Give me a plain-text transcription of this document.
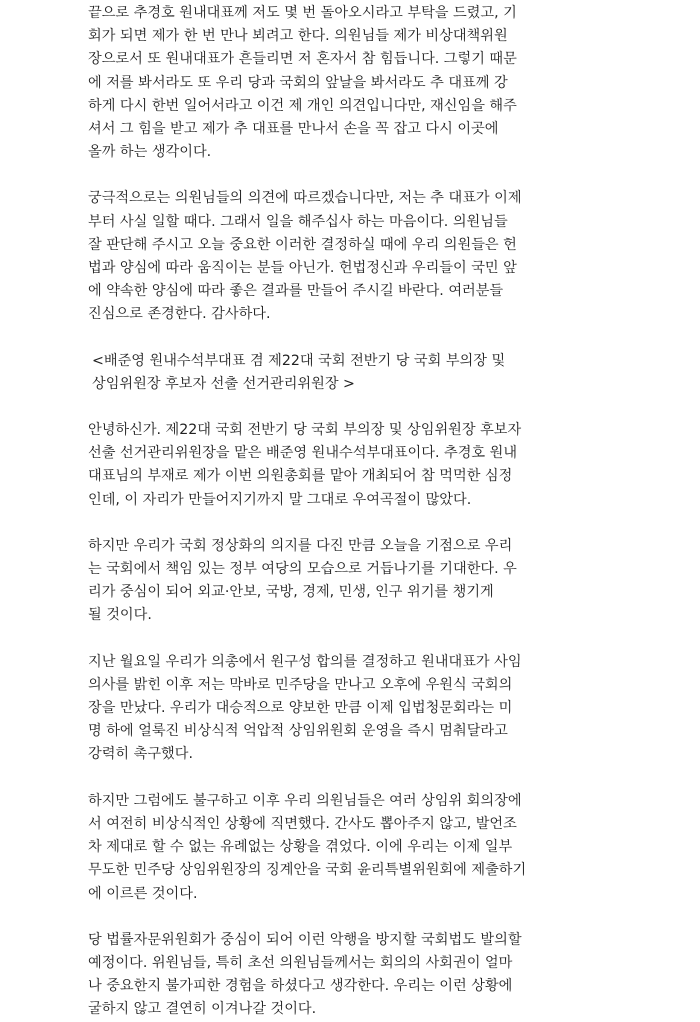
끝으로 추경호 원내대표께 저도 몇 번 돌아오시라고 부탁을 드렸고, 기
회가 되면 제가 한 번 만나 뵈려고 한다. 의원님들 제가 비상대책위원
장으로서 또 원내대표가 흔들리면 저 혼자서 참 힘듭니다. 그렇기 때문
에 저를 봐서라도 또 우리 당과 국회의 앞날을 봐서라도 추 대표께 강
하게 다시 한번 일어서라고 이건 제 개인 의견입니다만, 재신임을 해주
셔서 그 힘을 받고 제가 추 대표를 만나서 손을 꼭 잡고 다시 이곳에
올까 하는 생각이다.
궁극적으로는 의원님들의 의견에 따르겠습니다만, 저는 추 대표가 이제
부터 사실 일할 때다. 그래서 일을 해주십사 하는 마음이다. 의원님들
잘 판단해 주시고 오늘 중요한 이러한 결정하실 때에 우리 의원들은 헌
법과 양심에 따라 움직이는 분들 아닌가. 헌법정신과 우리들이 국민 앞
에 약속한 양심에 따라 좋은 결과를 만들어 주시길 바란다. 여러분들
진심으로 존경한다. 감사하다.
<배준영 원내수석부대표 겸 제22대 국회 전반기 당 국회 부의장 및
상임위원장 후보자 선출 선거관리위원장 >
안녕하신가. 제22대 국회 전반기 당 국회 부의장 및 상임위원장 후보자
선출 선거관리위원장을 맡은 배준영 원내수석부대표이다. 추경호 원내
대표님의 부재로 제가 이번 의원총회를 맡아 개최되어 참 먹먹한 심정
인데, 이 자리가 만들어지기까지 말 그대로 우여곡절이 많았다.
하지만 우리가 국회 정상화의 의지를 다진 만큼 오늘을 기점으로 우리
는 국회에서 책임 있는 정부 여당의 모습으로 거듭나기를 기대한다. 우
리가 중심이 되어 외교·안보, 국방, 경제, 민생, 인구 위기를 챙기게
될 것이다.
지난 월요일 우리가 의총에서 원구성 합의를 결정하고 원내대표가 사임
의사를 밝힌 이후 저는 막바로 민주당을 만나고 오후에 우원식 국회의
장을 만났다. 우리가 대승적으로 양보한 만큼 이제 입법청문회라는 미
명 하에 얼룩진 비상식적 억압적 상임위원회 운영을 즉시 멈춰달라고
강력히 촉구했다.
하지만 그럼에도 불구하고 이후 우리 의원님들은 여러 상임위 회의장에
서 여전히 비상식적인 상황에 직면했다. 간사도 뽑아주지 않고, 발언조
차 제대로 할 수 없는 유례없는 상황을 겪었다. 이에 우리는 이제 일부
무도한 민주당 상임위원장의 징계안을 국회 윤리특별위원회에 제출하기
에 이르른 것이다.
당 법률자문위원회가 중심이 되어 이런 악행을 방지할 국회법도 발의할
예정이다. 위원님들, 특히 초선 의원님들께서는 회의의 사회권이 얼마
나 중요한지 불가피한 경험을 하셨다고 생각한다. 우리는 이런 상황에
굴하지 않고 결연히 이겨나갈 것이다.
